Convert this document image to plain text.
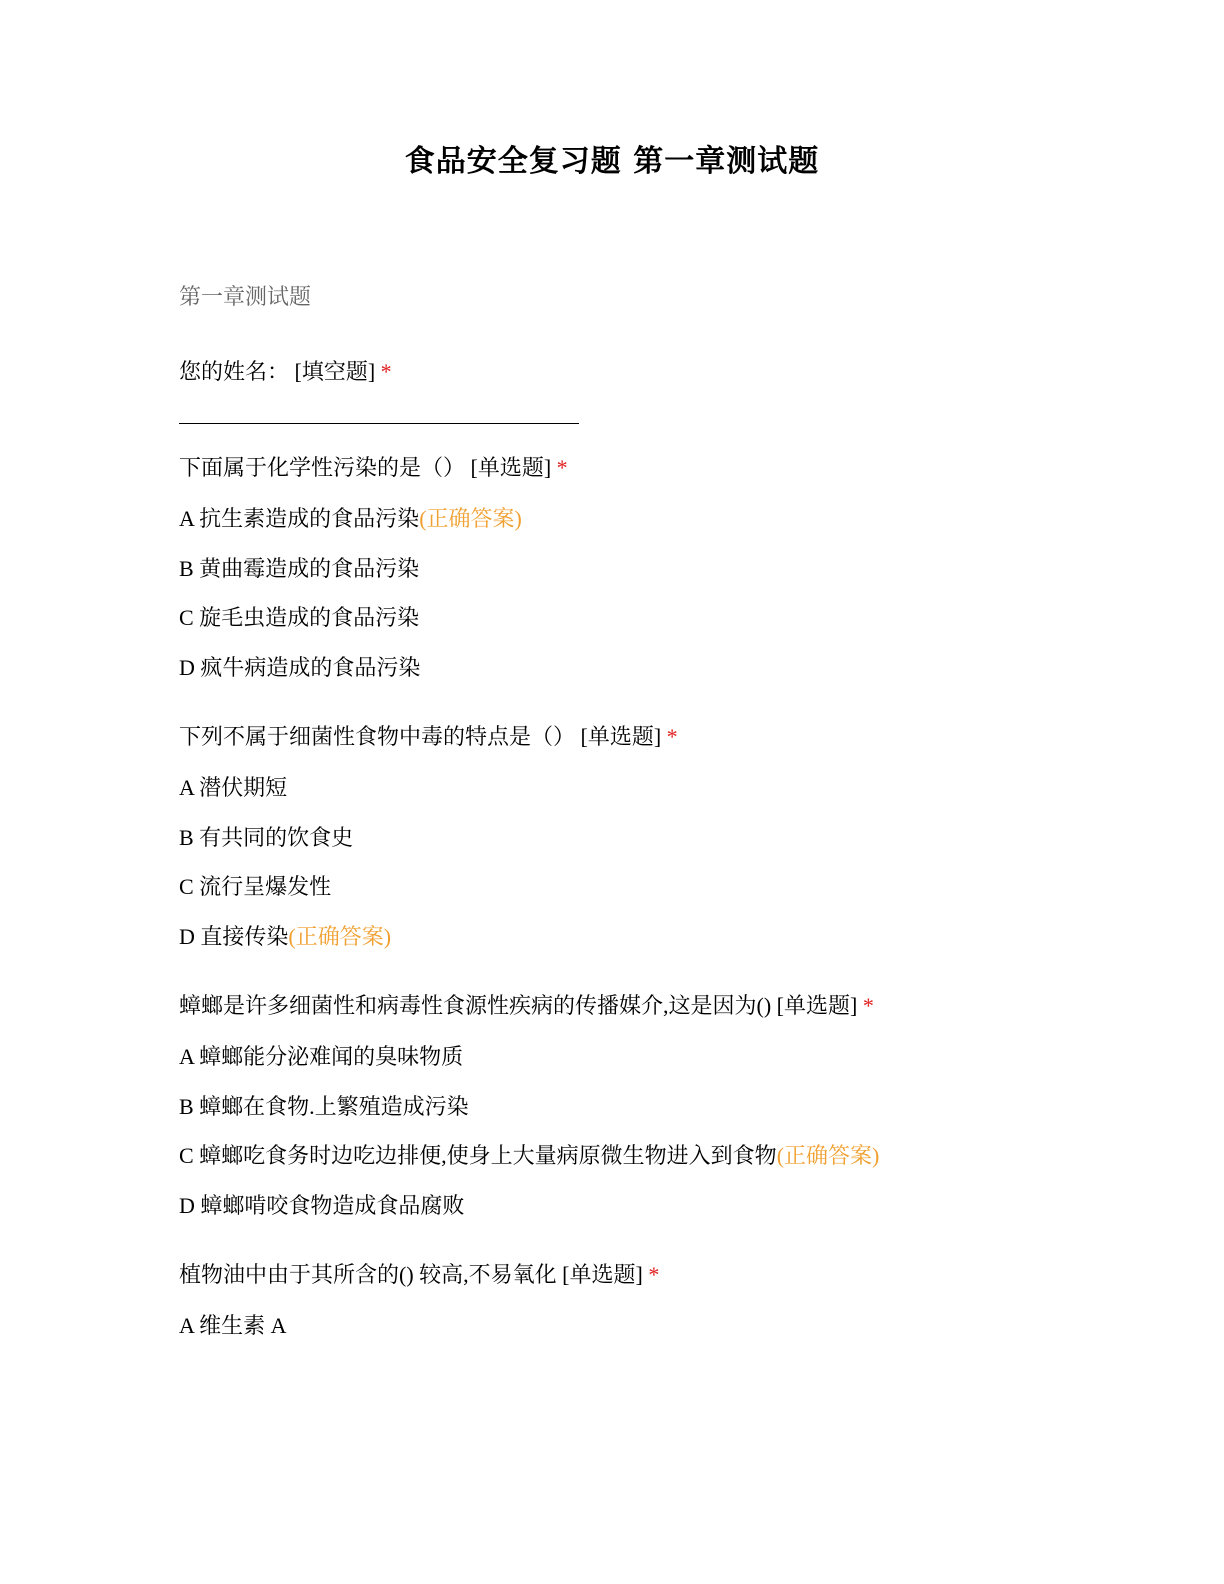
食品安全复习题 第一章测试题
第一章测试题
您的姓名： [填空题] *
下面属于化学性污染的是（） [单选题] *
A 抗生素造成的食品污染(正确答案)
B 黄曲霉造成的食品污染
C 旋毛虫造成的食品污染
D 疯牛病造成的食品污染
下列不属于细菌性食物中毒的特点是（） [单选题] *
A 潜伏期短
B 有共同的饮食史
C 流行呈爆发性
D 直接传染(正确答案)
蟑螂是许多细菌性和病毒性食源性疾病的传播媒介,这是因为() [单选题] *
A 蟑螂能分泌难闻的臭味物质
B 蟑螂在食物.上繁殖造成污染
C 蟑螂吃食务时边吃边排便,使身上大量病原微生物进入到食物(正确答案)
D 蟑螂啃咬食物造成食品腐败
植物油中由于其所含的() 较高,不易氧化 [单选题] *
A 维生素 A
